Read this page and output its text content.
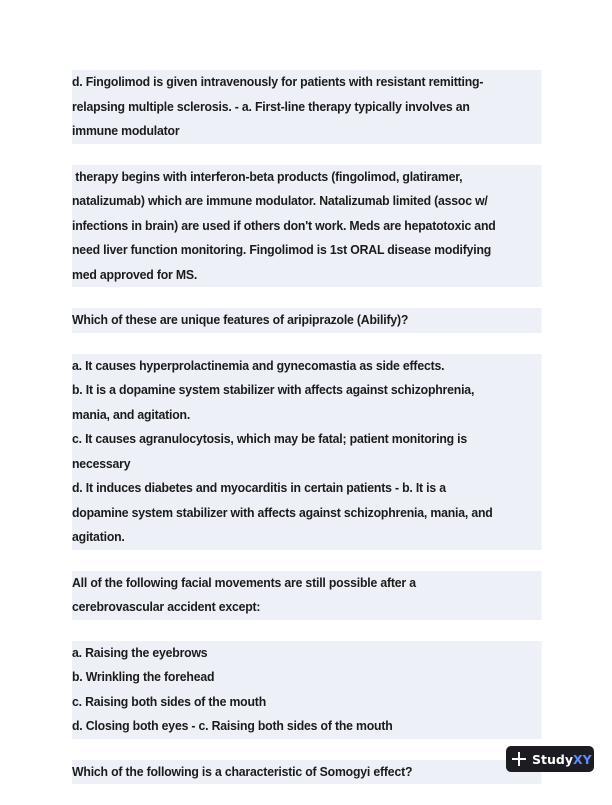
d. Fingolimod is given intravenously for patients with resistant remitting-
relapsing multiple sclerosis. - a. First-line therapy typically involves an
immune modulator

therapy begins with interferon-beta products (fingolimod, glatiramer,
natalizumab) which are immune modulator. Natalizumab limited (assoc w/
infections in brain) are used if others don't work. Meds are hepatotoxic and
need liver function monitoring. Fingolimod is 1st ORAL disease modifying
med approved for MS.

Which of these are unique features of aripiprazole (Abilify)?

a. It causes hyperprolactinemia and gynecomastia as side effects.
b. It is a dopamine system stabilizer with affects against schizophrenia,
mania, and agitation.
c. It causes agranulocytosis, which may be fatal; patient monitoring is
necessary
d. It induces diabetes and myocarditis in certain patients - b. It is a
dopamine system stabilizer with affects against schizophrenia, mania, and
agitation.

All of the following facial movements are still possible after a
cerebrovascular accident except:

a. Raising the eyebrows
b. Wrinkling the forehead
c. Raising both sides of the mouth
d. Closing both eyes - c. Raising both sides of the mouth

Which of the following is a characteristic of Somogyi effect?

Study XY
